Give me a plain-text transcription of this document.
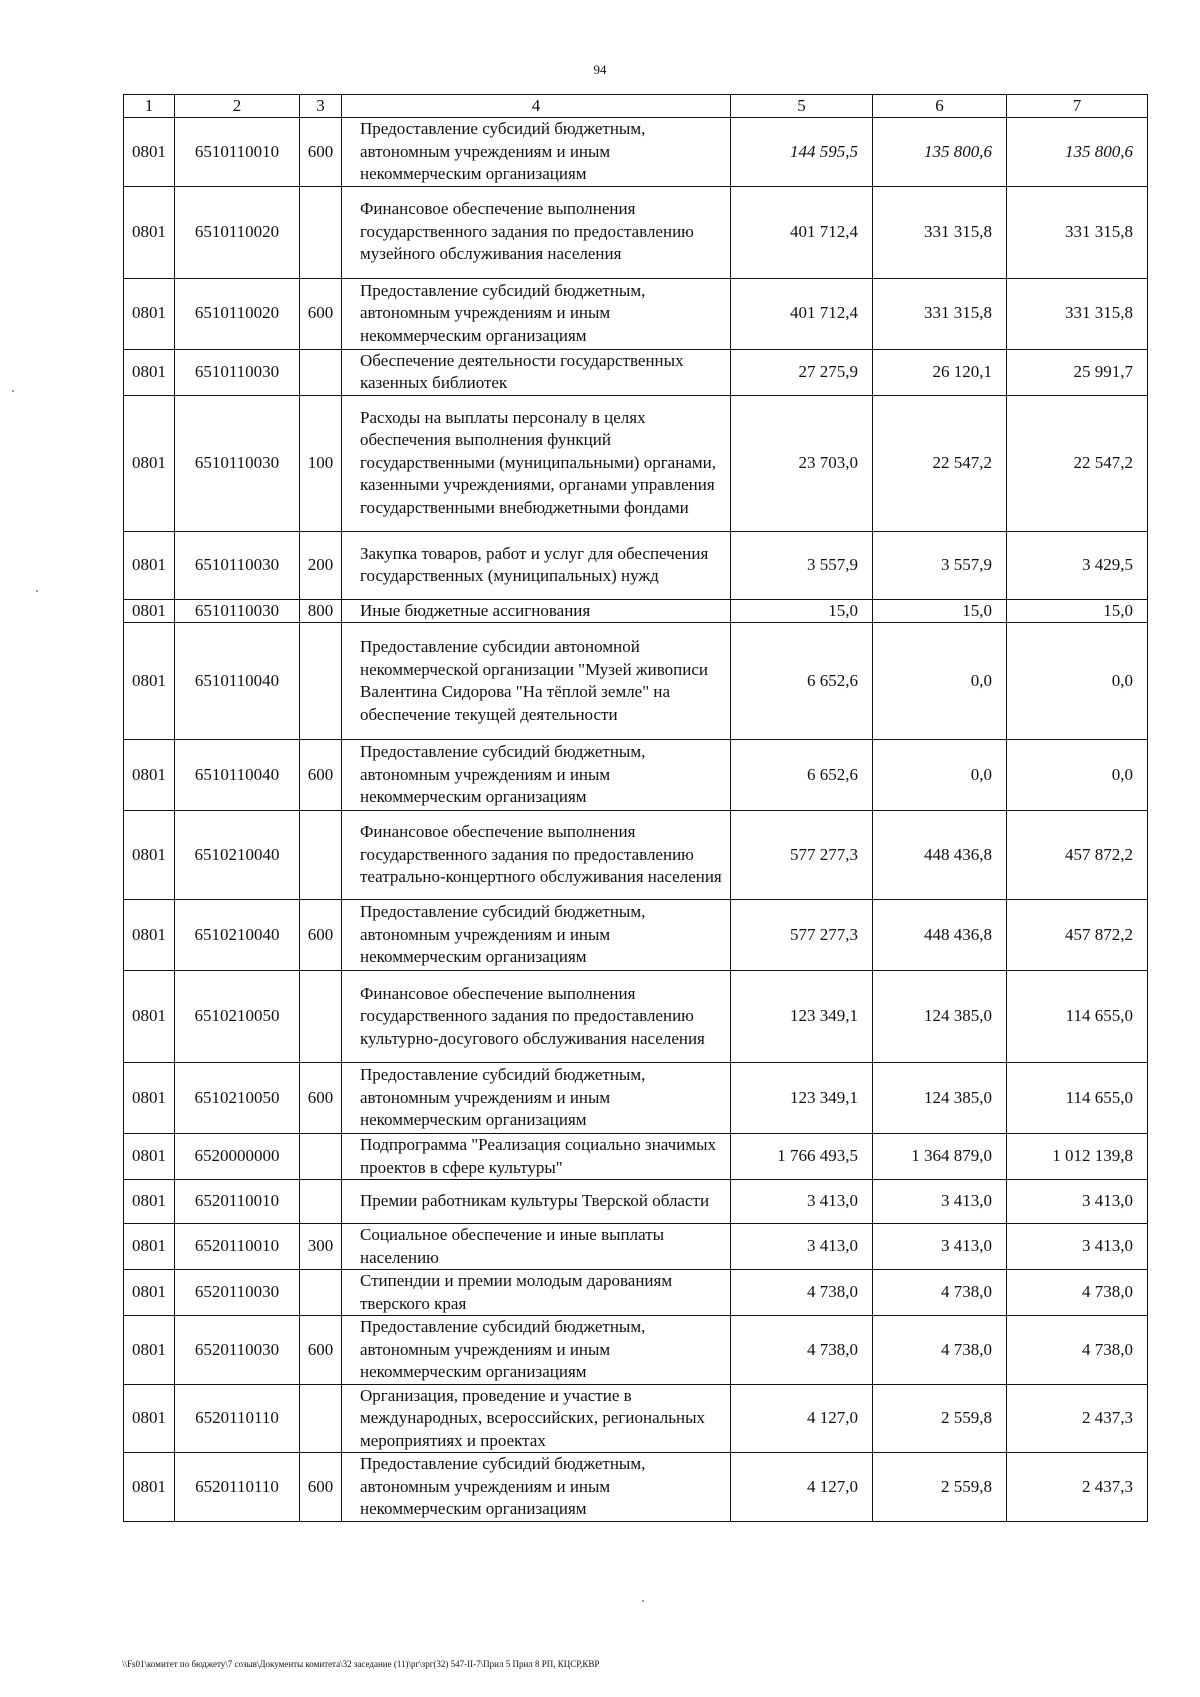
94
1	2	3	4	5	6	7
0801	6510110010	600	Предоставление субсидий бюджетным, автономным учреждениям и иным некоммерческим организациям	144 595,5	135 800,6	135 800,6
0801	6510110020		Финансовое обеспечение выполнения государственного задания по предоставлению музейного обслуживания населения	401 712,4	331 315,8	331 315,8
0801	6510110020	600	Предоставление субсидий бюджетным, автономным учреждениям и иным некоммерческим организациям	401 712,4	331 315,8	331 315,8
0801	6510110030		Обеспечение деятельности государственных казенных библиотек	27 275,9	26 120,1	25 991,7
0801	6510110030	100	Расходы на выплаты персоналу в целях обеспечения выполнения функций государственными (муниципальными) органами, казенными учреждениями, органами управления государственными внебюджетными фондами	23 703,0	22 547,2	22 547,2
0801	6510110030	200	Закупка товаров, работ и услуг для обеспечения государственных (муниципальных) нужд	3 557,9	3 557,9	3 429,5
0801	6510110030	800	Иные бюджетные ассигнования	15,0	15,0	15,0
0801	6510110040		Предоставление субсидии автономной некоммерческой организации "Музей живописи Валентина Сидорова "На тёплой земле" на обеспечение текущей деятельности	6 652,6	0,0	0,0
0801	6510110040	600	Предоставление субсидий бюджетным, автономным учреждениям и иным некоммерческим организациям	6 652,6	0,0	0,0
0801	6510210040		Финансовое обеспечение выполнения государственного задания по предоставлению театрально-концертного обслуживания населения	577 277,3	448 436,8	457 872,2
0801	6510210040	600	Предоставление субсидий бюджетным, автономным учреждениям и иным некоммерческим организациям	577 277,3	448 436,8	457 872,2
0801	6510210050		Финансовое обеспечение выполнения государственного задания по предоставлению культурно-досугового обслуживания населения	123 349,1	124 385,0	114 655,0
0801	6510210050	600	Предоставление субсидий бюджетным, автономным учреждениям и иным некоммерческим организациям	123 349,1	124 385,0	114 655,0
0801	6520000000		Подпрограмма "Реализация социально значимых проектов в сфере культуры"	1 766 493,5	1 364 879,0	1 012 139,8
0801	6520110010		Премии работникам культуры Тверской области	3 413,0	3 413,0	3 413,0
0801	6520110010	300	Социальное обеспечение и иные выплаты населению	3 413,0	3 413,0	3 413,0
0801	6520110030		Стипендии и премии молодым дарованиям тверского края	4 738,0	4 738,0	4 738,0
0801	6520110030	600	Предоставление субсидий бюджетным, автономным учреждениям и иным некоммерческим организациям	4 738,0	4 738,0	4 738,0
0801	6520110110		Организация, проведение и участие в международных, всероссийских, региональных мероприятиях и проектах	4 127,0	2 559,8	2 437,3
0801	6520110110	600	Предоставление субсидий бюджетным, автономным учреждениям и иным некоммерческим организациям	4 127,0	2 559,8	2 437,3
\\Fs01\комитет по бюджету\7 созыв\Документы комитета\32 заседание (11)\рг\зрг(32) 547-II-7\Прил 5 Прил 8 РП, КЦСР,КВР
